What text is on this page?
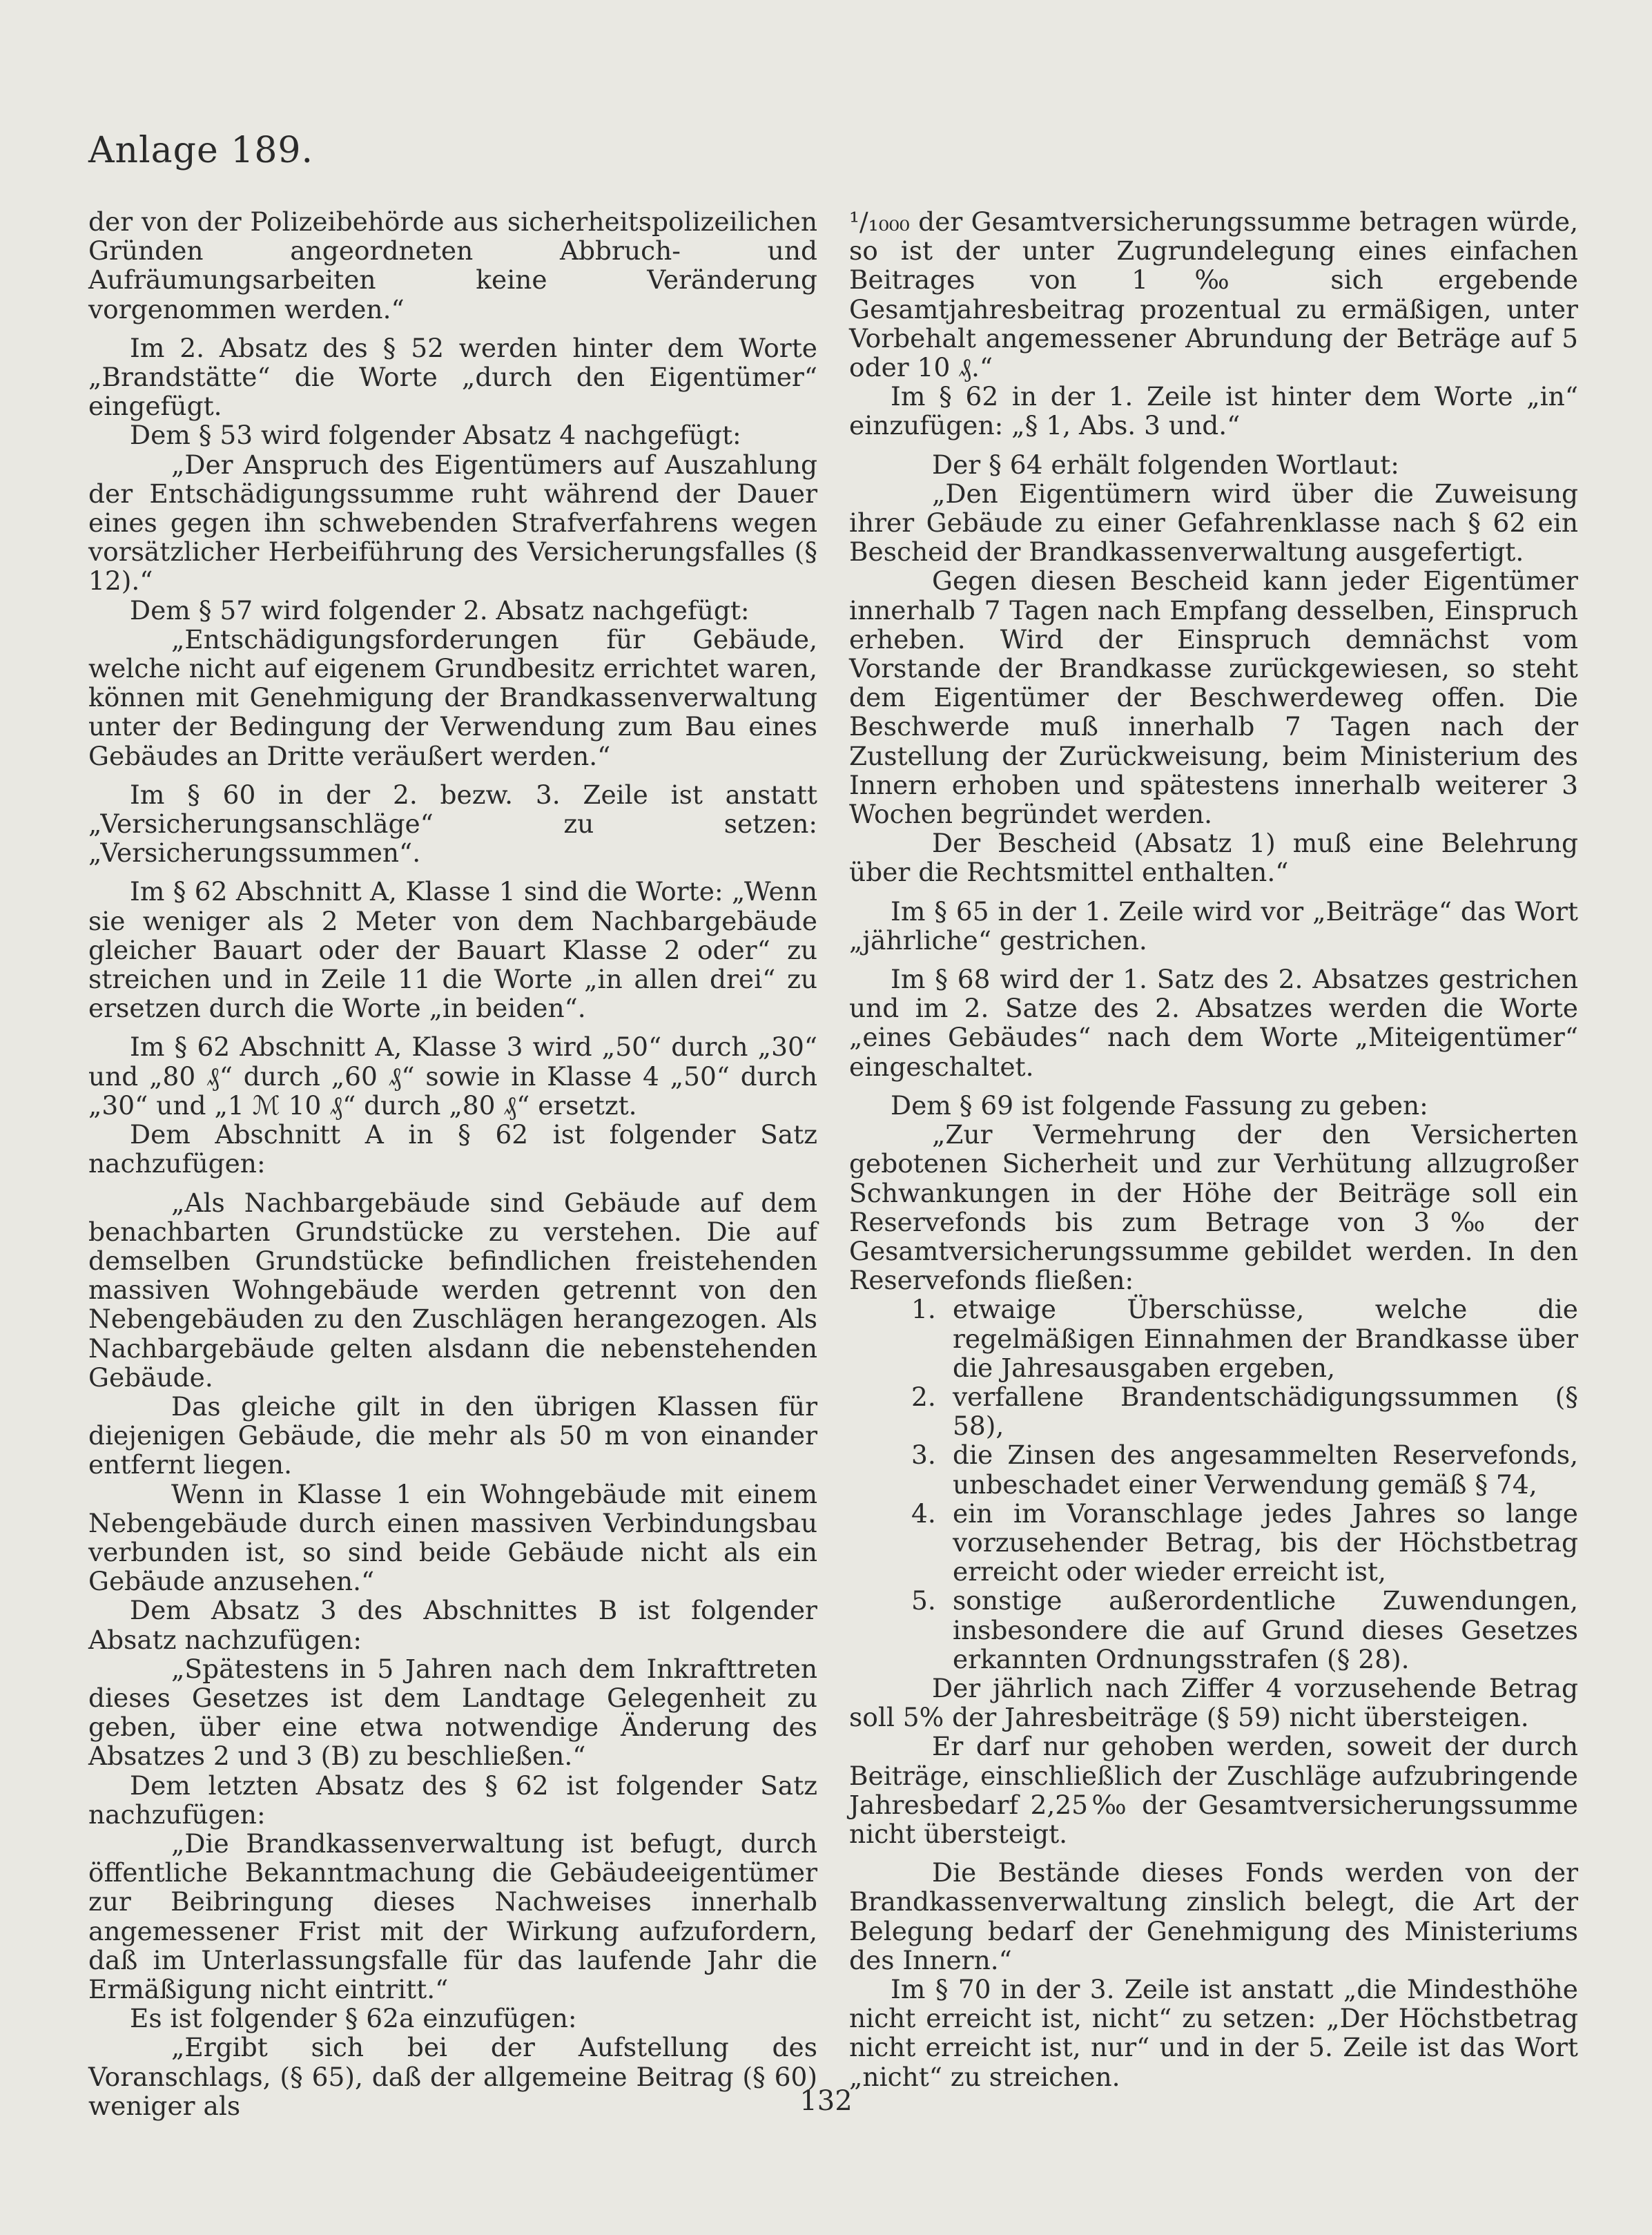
Anlage 189.

der von der Polizeibehörde aus sicherheitspolizeilichen Gründen angeordneten Abbruch- und Aufräumungsarbeiten keine Veränderung vorgenommen werden.“

Im 2. Absatz des § 52 werden hinter dem Worte „Brandstätte“ die Worte „durch den Eigentümer“ eingefügt.

Dem § 53 wird folgender Absatz 4 nachgefügt:

„Der Anspruch des Eigentümers auf Auszahlung der Entschädigungssumme ruht während der Dauer eines gegen ihn schwebenden Strafverfahrens wegen vorsätzlicher Herbeiführung des Versicherungsfalles (§ 12).“

Dem § 57 wird folgender 2. Absatz nachgefügt:

„Entschädigungsforderungen für Gebäude, welche nicht auf eigenem Grundbesitz errichtet waren, können mit Genehmigung der Brandkassenverwaltung unter der Bedingung der Verwendung zum Bau eines Gebäudes an Dritte veräußert werden.“

Im § 60 in der 2. bezw. 3. Zeile ist anstatt „Versicherungsanschläge“ zu setzen: „Versicherungssummen“.

Im § 62 Abschnitt A, Klasse 1 sind die Worte: „Wenn sie weniger als 2 Meter von dem Nachbargebäude gleicher Bauart oder der Bauart Klasse 2 oder“ zu streichen und in Zeile 11 die Worte „in allen drei“ zu ersetzen durch die Worte „in beiden“.

Im § 62 Abschnitt A, Klasse 3 wird „50“ durch „30“ und „80 ₰“ durch „60 ₰“ sowie in Klasse 4 „50“ durch „30“ und „1 ℳ 10 ₰“ durch „80 ₰“ ersetzt.

Dem Abschnitt A in § 62 ist folgender Satz nachzufügen:

„Als Nachbargebäude sind Gebäude auf dem benachbarten Grundstücke zu verstehen. Die auf demselben Grundstücke befindlichen freistehenden massiven Wohngebäude werden getrennt von den Nebengebäuden zu den Zuschlägen herangezogen. Als Nachbargebäude gelten alsdann die nebenstehenden Gebäude.

Das gleiche gilt in den übrigen Klassen für diejenigen Gebäude, die mehr als 50 m von einander entfernt liegen.

Wenn in Klasse 1 ein Wohngebäude mit einem Nebengebäude durch einen massiven Verbindungsbau verbunden ist, so sind beide Gebäude nicht als ein Gebäude anzusehen.“

Dem Absatz 3 des Abschnittes B ist folgender Absatz nachzufügen:

„Spätestens in 5 Jahren nach dem Inkrafttreten dieses Gesetzes ist dem Landtage Gelegenheit zu geben, über eine etwa notwendige Änderung des Absatzes 2 und 3 (B) zu beschließen.“

Dem letzten Absatz des § 62 ist folgender Satz nachzufügen:

„Die Brandkassenverwaltung ist befugt, durch öffentliche Bekanntmachung die Gebäudeeigentümer zur Beibringung dieses Nachweises innerhalb angemessener Frist mit der Wirkung aufzufordern, daß im Unterlassungsfalle für das laufende Jahr die Ermäßigung nicht eintritt.“

Es ist folgender § 62a einzufügen:

„Ergibt sich bei der Aufstellung des Voranschlags, (§ 65), daß der allgemeine Beitrag (§ 60) weniger als

¹/₁₀₀₀ der Gesamtversicherungssumme betragen würde, so ist der unter Zugrundelegung eines einfachen Beitrages von 1‰ sich ergebende Gesamtjahresbeitrag prozentual zu ermäßigen, unter Vorbehalt angemessener Abrundung der Beträge auf 5 oder 10 ₰.“

Im § 62 in der 1. Zeile ist hinter dem Worte „in“ einzufügen: „§ 1, Abs. 3 und.“

Der § 64 erhält folgenden Wortlaut:

„Den Eigentümern wird über die Zuweisung ihrer Gebäude zu einer Gefahrenklasse nach § 62 ein Bescheid der Brandkassenverwaltung ausgefertigt.

Gegen diesen Bescheid kann jeder Eigentümer innerhalb 7 Tagen nach Empfang desselben, Einspruch erheben. Wird der Einspruch demnächst vom Vorstande der Brandkasse zurückgewiesen, so steht dem Eigentümer der Beschwerdeweg offen. Die Beschwerde muß innerhalb 7 Tagen nach der Zustellung der Zurückweisung, beim Ministerium des Innern erhoben und spätestens innerhalb weiterer 3 Wochen begründet werden.

Der Bescheid (Absatz 1) muß eine Belehrung über die Rechtsmittel enthalten.“

Im § 65 in der 1. Zeile wird vor „Beiträge“ das Wort „jährliche“ gestrichen.

Im § 68 wird der 1. Satz des 2. Absatzes gestrichen und im 2. Satze des 2. Absatzes werden die Worte „eines Gebäudes“ nach dem Worte „Miteigentümer“ eingeschaltet.

Dem § 69 ist folgende Fassung zu geben:

„Zur Vermehrung der den Versicherten gebotenen Sicherheit und zur Verhütung allzugroßer Schwankungen in der Höhe der Beiträge soll ein Reservefonds bis zum Betrage von 3‰ der Gesamtversicherungssumme gebildet werden. In den Reservefonds fließen:

1. etwaige Überschüsse, welche die regelmäßigen Einnahmen der Brandkasse über die Jahresausgaben ergeben,
2. verfallene Brandentschädigungssummen (§ 58),
3. die Zinsen des angesammelten Reservefonds, unbeschadet einer Verwendung gemäß § 74,
4. ein im Voranschlage jedes Jahres so lange vorzusehender Betrag, bis der Höchstbetrag erreicht oder wieder erreicht ist,
5. sonstige außerordentliche Zuwendungen, insbesondere die auf Grund dieses Gesetzes erkannten Ordnungsstrafen (§ 28).

Der jährlich nach Ziffer 4 vorzusehende Betrag soll 5% der Jahresbeiträge (§ 59) nicht übersteigen.

Er darf nur gehoben werden, soweit der durch Beiträge, einschließlich der Zuschläge aufzubringende Jahresbedarf 2,25‰ der Gesamtversicherungssumme nicht übersteigt.

Die Bestände dieses Fonds werden von der Brandkassenverwaltung zinslich belegt, die Art der Belegung bedarf der Genehmigung des Ministeriums des Innern.“

Im § 70 in der 3. Zeile ist anstatt „die Mindesthöhe nicht erreicht ist, nicht“ zu setzen: „Der Höchstbetrag nicht erreicht ist, nur“ und in der 5. Zeile ist das Wort „nicht“ zu streichen.

132
